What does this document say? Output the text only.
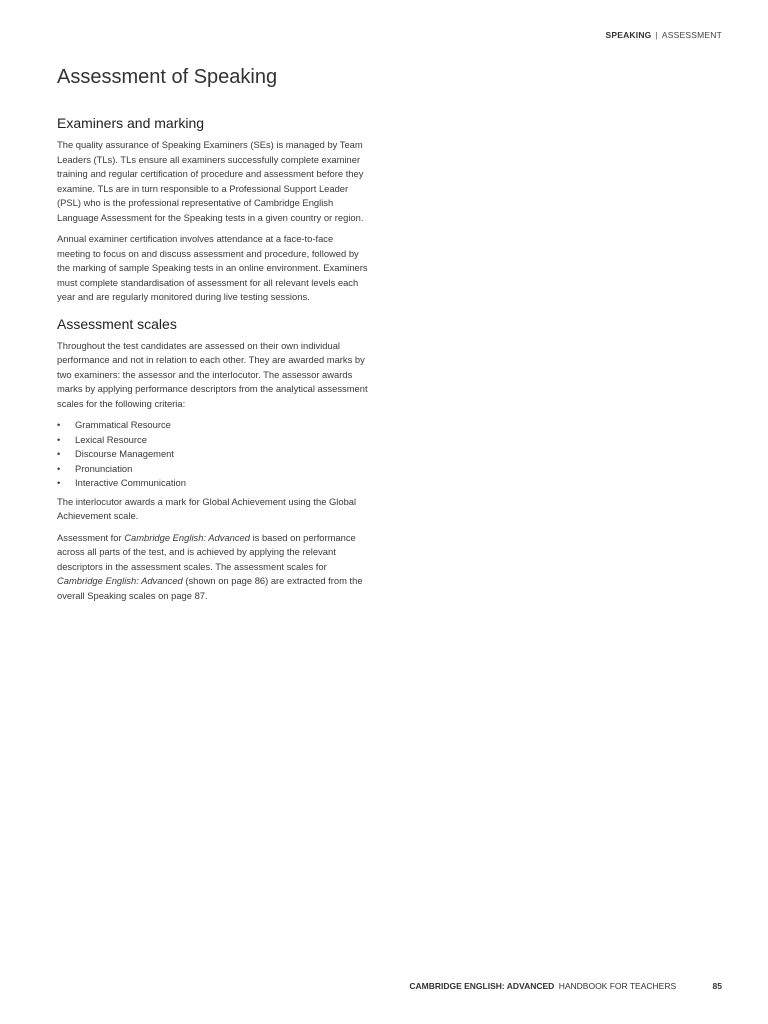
SPEAKING | ASSESSMENT
Assessment of Speaking
Examiners and marking

The quality assurance of Speaking Examiners (SEs) is managed by Team Leaders (TLs). TLs ensure all examiners successfully complete examiner training and regular certification of procedure and assessment before they examine. TLs are in turn responsible to a Professional Support Leader (PSL) who is the professional representative of Cambridge English Language Assessment for the Speaking tests in a given country or region.

Annual examiner certification involves attendance at a face-to-face meeting to focus on and discuss assessment and procedure, followed by the marking of sample Speaking tests in an online environment. Examiners must complete standardisation of assessment for all relevant levels each year and are regularly monitored during live testing sessions.

Assessment scales

Throughout the test candidates are assessed on their own individual performance and not in relation to each other. They are awarded marks by two examiners: the assessor and the interlocutor. The assessor awards marks by applying performance descriptors from the analytical assessment scales for the following criteria:

• Grammatical Resource
• Lexical Resource
• Discourse Management
• Pronunciation
• Interactive Communication

The interlocutor awards a mark for Global Achievement using the Global Achievement scale.

Assessment for Cambridge English: Advanced is based on performance across all parts of the test, and is achieved by applying the relevant descriptors in the assessment scales. The assessment scales for Cambridge English: Advanced (shown on page 86) are extracted from the overall Speaking scales on page 87.

CAMBRIDGE ENGLISH: ADVANCED HANDBOOK FOR TEACHERS	85
